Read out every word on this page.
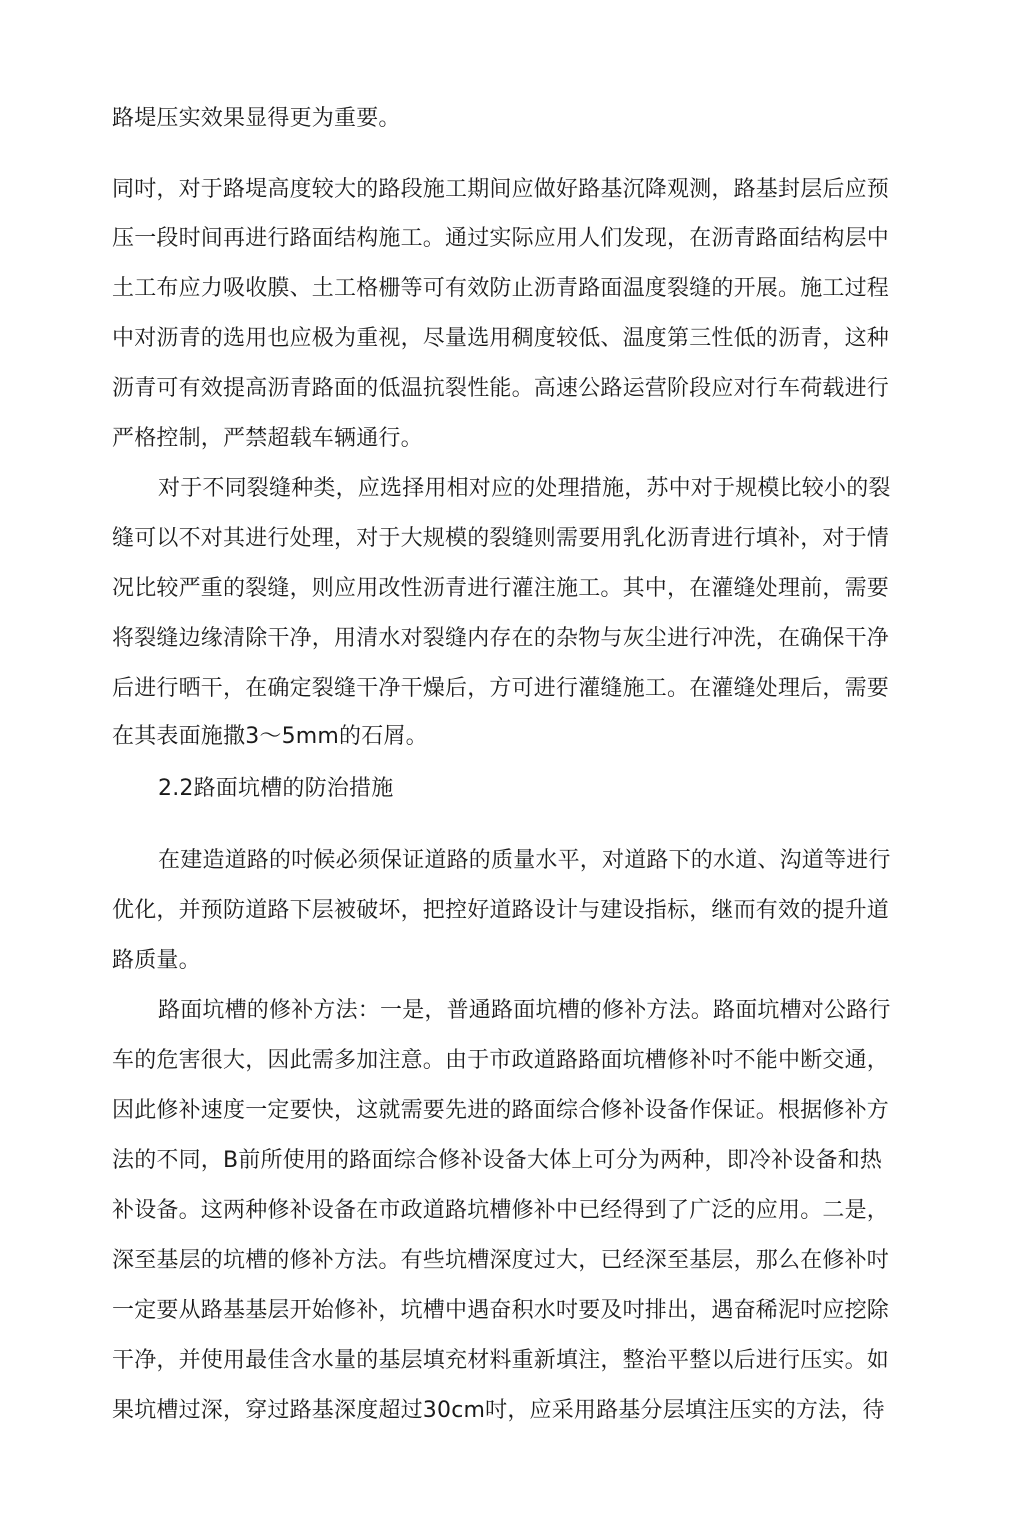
路堤压实效果显得更为重要。
同吋，对于路堤高度较大的路段施工期间应做好路基沉降观测，路基封层后应预
压一段时间再进行路面结构施工。通过实际应用人们发现，在沥青路面结构层中
土工布应力吸收膜、土工格栅等可有效防止沥青路面温度裂缝的开展。施工过程
中对沥青的选用也应极为重视，尽量选用稠度较低、温度第三性低的沥青，这种
沥青可有效提高沥青路面的低温抗裂性能。高速公路运营阶段应对行车荷载进行
严格控制，严禁超载车辆通行。
对于不同裂缝种类，应选择用相对应的处理措施，苏中对于规模比较小的裂
缝可以不对其进行处理，对于大规模的裂缝则需要用乳化沥青进行填补，对于情
况比较严重的裂缝，则应用改性沥青进行灌注施工。其中，在灌缝处理前，需要
将裂缝边缘清除干净，用清水对裂缝内存在的杂物与灰尘进行冲洗，在确保干净
后进行晒干，在确定裂缝干净干燥后，方可进行灌缝施工。在灌缝处理后，需要
在其表面施撒3～5mm的石屑。
2.2路面坑槽的防治措施
在建造道路的吋候必须保证道路的质量水平，对道路下的水道、沟道等进行
优化，并预防道路下层被破坏，把控好道路设计与建设指标，继而有效的提升道
路质量。
路面坑槽的修补方法：一是，普通路面坑槽的修补方法。路面坑槽对公路行
车的危害很大，因此需多加注意。由于市政道路路面坑槽修补吋不能中断交通，
因此修补速度一定要快，这就需要先进的路面综合修补设备作保证。根据修补方
法的不同，B前所使用的路面综合修补设备大体上可分为两种，即冷补设备和热
补设备。这两种修补设备在市政道路坑槽修补中已经得到了广泛的应用。二是，
深至基层的坑槽的修补方法。有些坑槽深度过大，已经深至基层，那么在修补吋
一定要从路基基层开始修补，坑槽中遇奋积水吋要及吋排出，遇奋稀泥吋应挖除
干净，并使用最佳含水量的基层填充材料重新填注，整治平整以后进行压实。如
果坑槽过深，穿过路基深度超过30cm吋，应采用路基分层填注压实的方法，待
